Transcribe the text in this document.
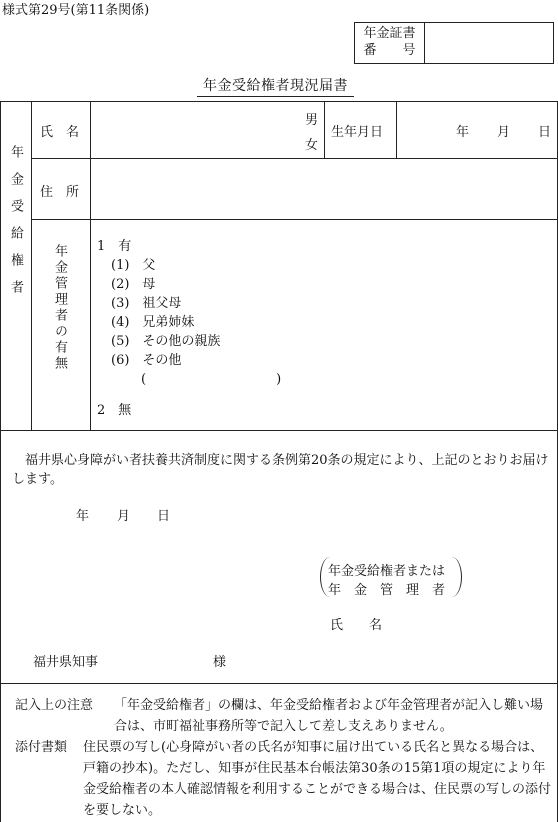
様式第29号(第11条関係)
年金証書
番　　号
年金受給権者現況届書
年金受給権者
氏　名
男
女
生年月日	年 月 日
住　所
年金管理者の有無 1　有
(1)　父
(2)　母
(3)　祖父母
(4)　兄弟姉妹
(5)　その他の親族
(6)　その他
(　　　　　　　　　　)
2　無
福井県心身障がい者扶養共済制度に関する条例第20条の規定により、上記のとおりお届けします。
年 月 日
年金受給権者または
年　金　管　理　者
氏　　名
福井県知事	様
記入上の注意	「年金受給権者」の欄は、年金受給権者および年金管理者が記入し難い場合は、市町福祉事務所等で記入して差し支えありません。
添付書類	住民票の写し(心身障がい者の氏名が知事に届け出ている氏名と異なる場合は、戸籍の抄本)。ただし、知事が住民基本台帳法第30条の15第1項の規定により年金受給権者の本人確認情報を利用することができる場合は、住民票の写しの添付を要しない。
